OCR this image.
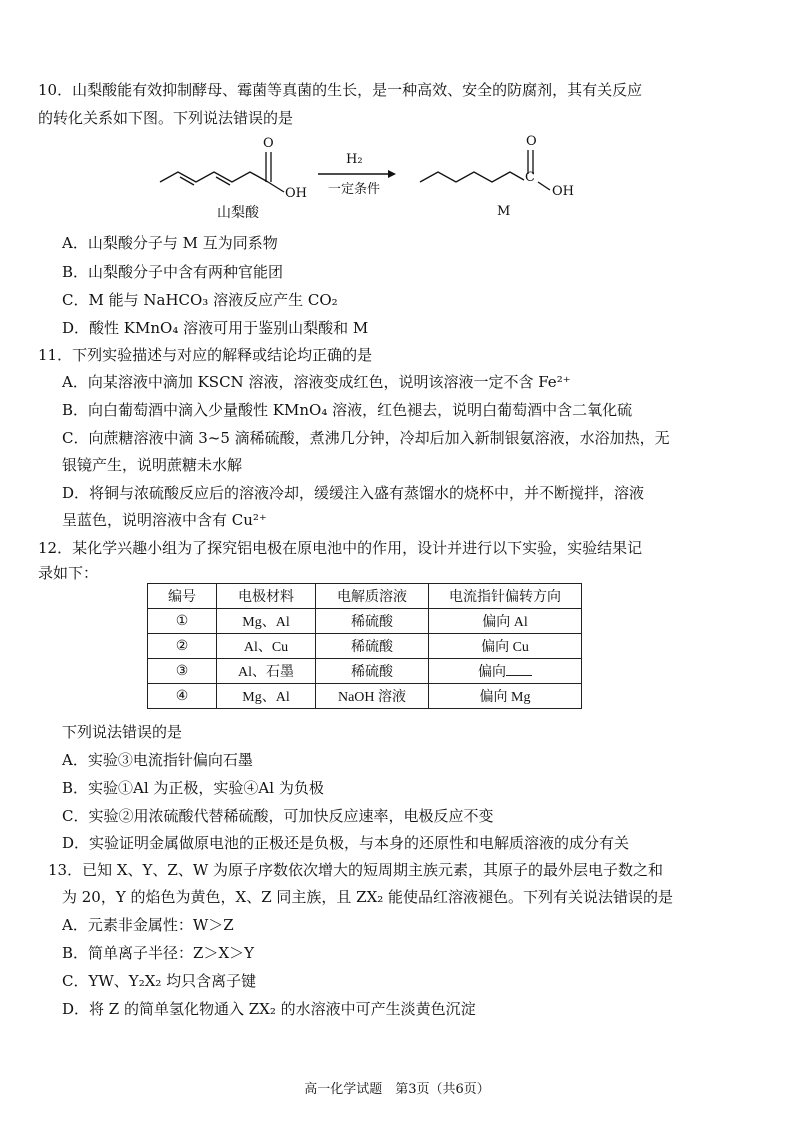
10．山梨酸能有效抑制酵母、霉菌等真菌的生长，是一种高效、安全的防腐剂，其有关反应
的转化关系如下图。下列说法错误的是
O
OH
山梨酸
H₂
一定条件
O
C
OH
M
A．山梨酸分子与 M 互为同系物
B．山梨酸分子中含有两种官能团
C．M 能与 NaHCO₃ 溶液反应产生 CO₂
D．酸性 KMnO₄ 溶液可用于鉴别山梨酸和 M
11．下列实验描述与对应的解释或结论均正确的是
A．向某溶液中滴加 KSCN 溶液，溶液变成红色，说明该溶液一定不含 Fe²⁺
B．向白葡萄酒中滴入少量酸性 KMnO₄ 溶液，红色褪去，说明白葡萄酒中含二氧化硫
C．向蔗糖溶液中滴 3~5 滴稀硫酸，煮沸几分钟，冷却后加入新制银氨溶液，水浴加热，无
银镜产生，说明蔗糖未水解
D．将铜与浓硫酸反应后的溶液冷却，缓缓注入盛有蒸馏水的烧杯中，并不断搅拌，溶液
呈蓝色，说明溶液中含有 Cu²⁺
12．某化学兴趣小组为了探究铝电极在原电池中的作用，设计并进行以下实验，实验结果记
录如下：
编号	电极材料	电解质溶液	电流指针偏转方向
①	Mg、Al	稀硫酸	偏向 Al
②	Al、Cu	稀硫酸	偏向 Cu
③	Al、石墨	稀硫酸	偏向
④	Mg、Al	NaOH 溶液	偏向 Mg
下列说法错误的是
A．实验③电流指针偏向石墨
B．实验①Al 为正极，实验④Al 为负极
C．实验②用浓硫酸代替稀硫酸，可加快反应速率，电极反应不变
D．实验证明金属做原电池的正极还是负极，与本身的还原性和电解质溶液的成分有关
13．已知 X、Y、Z、W 为原子序数依次增大的短周期主族元素，其原子的最外层电子数之和
为 20，Y 的焰色为黄色，X、Z 同主族，且 ZX₂ 能使品红溶液褪色。下列有关说法错误的是
A．元素非金属性：W＞Z
B．简单离子半径：Z＞X＞Y
C．YW、Y₂X₂ 均只含离子键
D．将 Z 的简单氢化物通入 ZX₂ 的水溶液中可产生淡黄色沉淀
高一化学试题　第3页（共6页）
